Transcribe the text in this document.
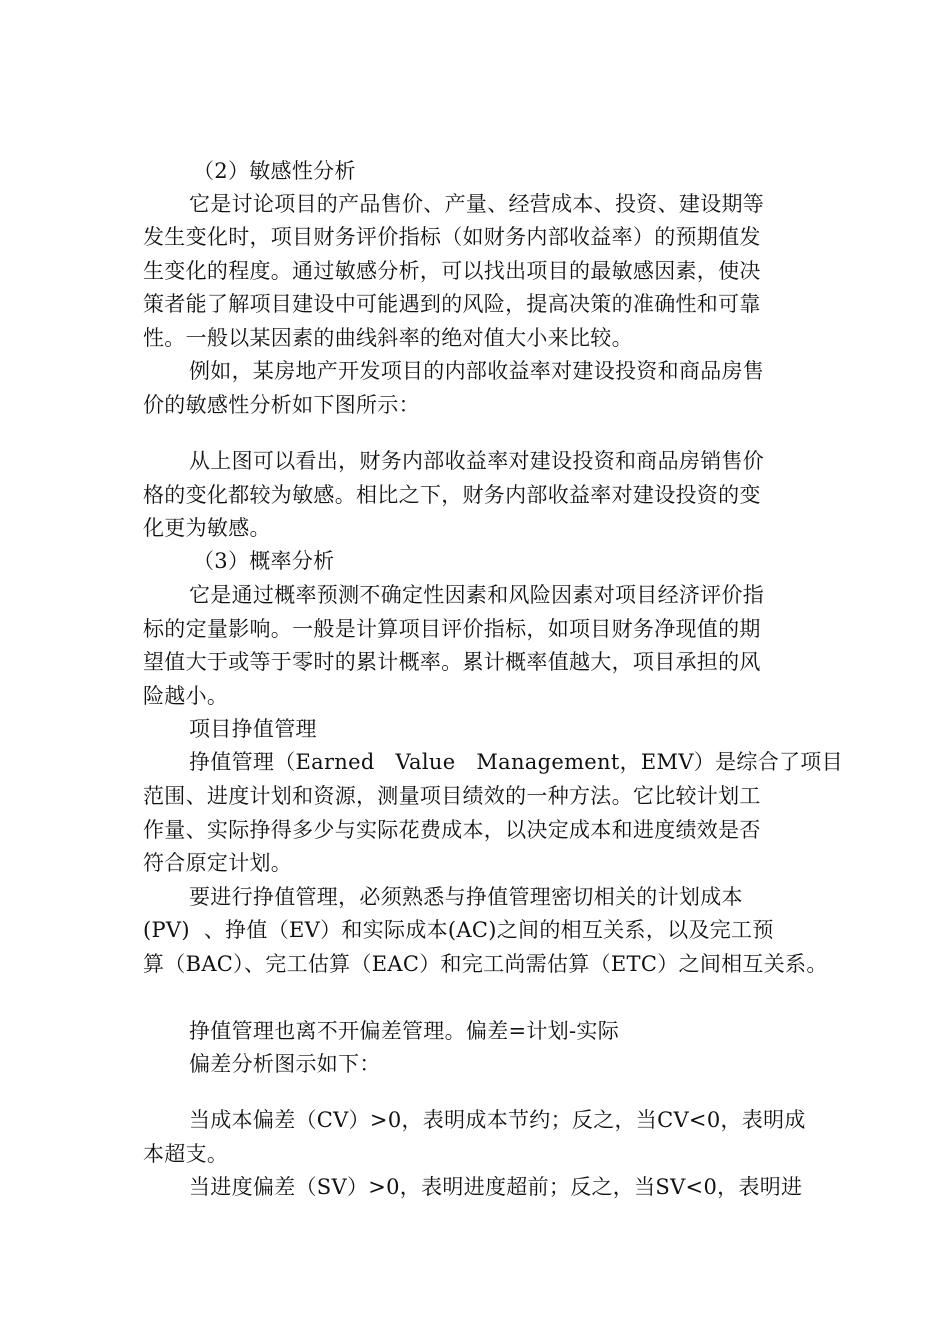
（2）敏感性分析
它是讨论项目的产品售价、产量、经营成本、投资、建设期等
发生变化时，项目财务评价指标（如财务内部收益率）的预期值发
生变化的程度。通过敏感分析，可以找出项目的最敏感因素，使决
策者能了解项目建设中可能遇到的风险，提高决策的准确性和可靠
性。一般以某因素的曲线斜率的绝对值大小来比较。
例如，某房地产开发项目的内部收益率对建设投资和商品房售
价的敏感性分析如下图所示：
从上图可以看出，财务内部收益率对建设投资和商品房销售价
格的变化都较为敏感。相比之下，财务内部收益率对建设投资的变
化更为敏感。
（3）概率分析
它是通过概率预测不确定性因素和风险因素对项目经济评价指
标的定量影响。一般是计算项目评价指标，如项目财务净现值的期
望值大于或等于零时的累计概率。累计概率值越大，项目承担的风
险越小。
项目挣值管理
挣值管理（Earned   Value   Management，EMV）是综合了项目
范围、进度计划和资源，测量项目绩效的一种方法。它比较计划工
作量、实际挣得多少与实际花费成本，以决定成本和进度绩效是否
符合原定计划。
要进行挣值管理，必须熟悉与挣值管理密切相关的计划成本
(PV)  、挣值（EV）和实际成本(AC)之间的相互关系，以及完工预
算（BAC）、完工估算（EAC）和完工尚需估算（ETC）之间相互关系。
挣值管理也离不开偏差管理。偏差=计划-实际
偏差分析图示如下：
当成本偏差（CV）>0，表明成本节约；反之，当CV<0，表明成
本超支。
当进度偏差（SV）>0，表明进度超前；反之，当SV<0，表明进
